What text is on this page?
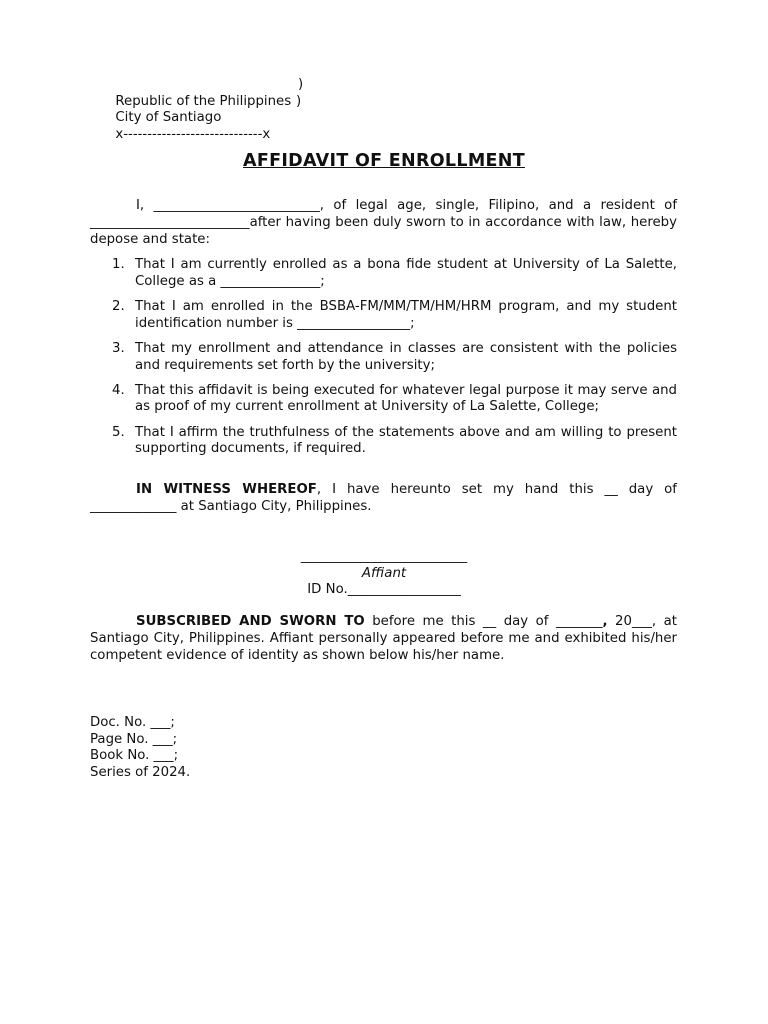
Republic of the Philippines
)

City of Santiago
)

x-----------------------------x

AFFIDAVIT OF ENROLLMENT
I, _________________________, of legal age, single, Filipino, and a resident of ________________________after having been duly sworn to in accordance with law, hereby depose and state:
1. That I am currently enrolled as a bona fide student at University of La Salette, College as a _______________;
2. That I am enrolled in the BSBA-FM/MM/TM/HM/HRM program, and my student identification number is _________________;
3. That my enrollment and attendance in classes are consistent with the policies and requirements set forth by the university;
4. That this affidavit is being executed for whatever legal purpose it may serve and as proof of my current enrollment at University of La Salette, College;
5. That I affirm the truthfulness of the statements above and am willing to present supporting documents, if required.
IN WITNESS WHEREOF, I have hereunto set my hand this __ day of _____________ at Santiago City, Philippines.
_________________________
Affiant
ID No._________________
SUBSCRIBED AND SWORN TO before me this __ day of _______, 20___, at Santiago City, Philippines. Affiant personally appeared before me and exhibited his/her competent evidence of identity as shown below his/her name.
Doc. No. ___;
Page No. ___;
Book No. ___;
Series of 2024.
